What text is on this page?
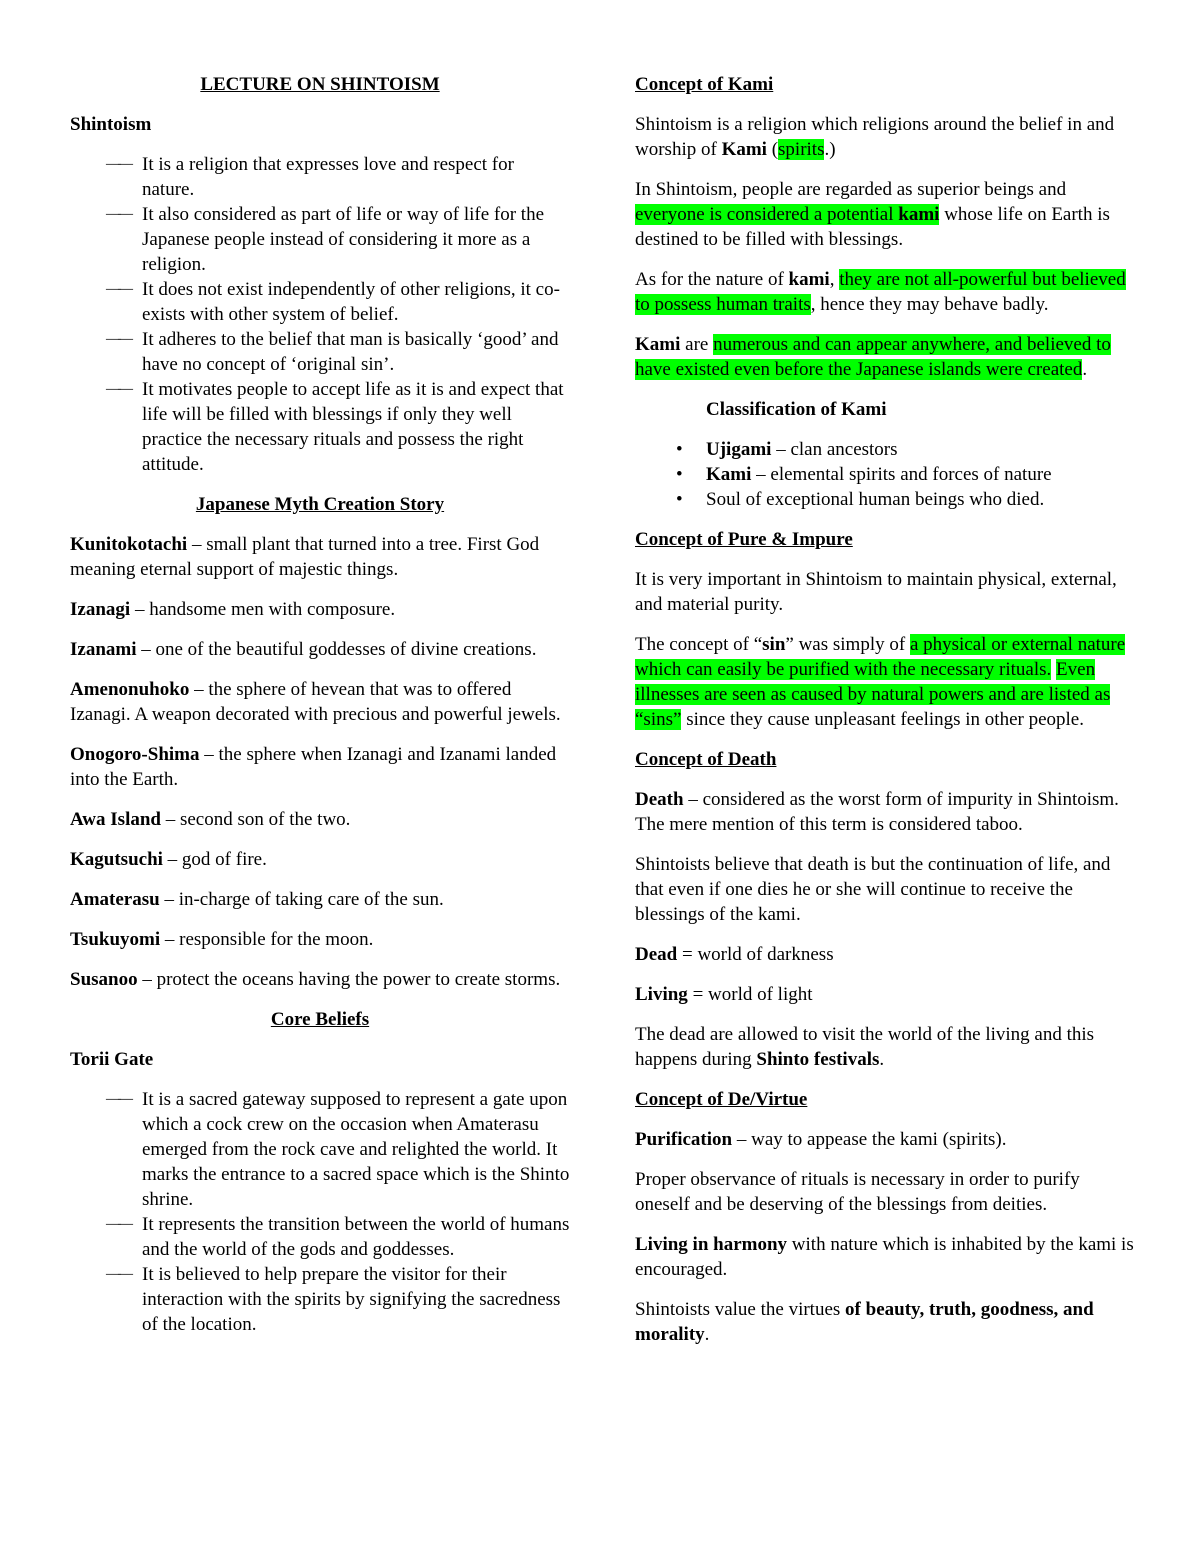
LECTURE ON SHINTOISM

Shintoism

—— It is a religion that expresses love and respect for nature.
—— It also considered as part of life or way of life for the Japanese people instead of considering it more as a religion.
—— It does not exist independently of other religions, it co-exists with other system of belief.
—— It adheres to the belief that man is basically ‘good’ and have no concept of ‘original sin’.
—— It motivates people to accept life as it is and expect that life will be filled with blessings if only they well practice the necessary rituals and possess the right attitude.

Japanese Myth Creation Story

Kunitokotachi – small plant that turned into a tree. First God meaning eternal support of majestic things.

Izanagi – handsome men with composure.

Izanami – one of the beautiful goddesses of divine creations.

Amenonuhoko – the sphere of hevean that was to offered Izanagi. A weapon decorated with precious and powerful jewels.

Onogoro-Shima – the sphere when Izanagi and Izanami landed into the Earth.

Awa Island – second son of the two.

Kagutsuchi – god of fire.

Amaterasu – in-charge of taking care of the sun.

Tsukuyomi – responsible for the moon.

Susanoo – protect the oceans having the power to create storms.

Core Beliefs

Torii Gate

—— It is a sacred gateway supposed to represent a gate upon which a cock crew on the occasion when Amaterasu emerged from the rock cave and relighted the world. It marks the entrance to a sacred space which is the Shinto shrine.
—— It represents the transition between the world of humans and the world of the gods and goddesses.
—— It is believed to help prepare the visitor for their interaction with the spirits by signifying the sacredness of the location.

Concept of Kami

Shintoism is a religion which religions around the belief in and worship of Kami (spirits.)

In Shintoism, people are regarded as superior beings and everyone is considered a potential kami whose life on Earth is destined to be filled with blessings.

As for the nature of kami, they are not all-powerful but believed to possess human traits, hence they may behave badly.

Kami are numerous and can appear anywhere, and believed to have existed even before the Japanese islands were created.

Classification of Kami

• Ujigami – clan ancestors
• Kami – elemental spirits and forces of nature
• Soul of exceptional human beings who died.

Concept of Pure & Impure

It is very important in Shintoism to maintain physical, external, and material purity.

The concept of “sin” was simply of a physical or external nature which can easily be purified with the necessary rituals. Even illnesses are seen as caused by natural powers and are listed as “sins” since they cause unpleasant feelings in other people.

Concept of Death

Death – considered as the worst form of impurity in Shintoism. The mere mention of this term is considered taboo.

Shintoists believe that death is but the continuation of life, and that even if one dies he or she will continue to receive the blessings of the kami.

Dead = world of darkness

Living = world of light

The dead are allowed to visit the world of the living and this happens during Shinto festivals.

Concept of De/Virtue

Purification – way to appease the kami (spirits).

Proper observance of rituals is necessary in order to purify oneself and be deserving of the blessings from deities.

Living in harmony with nature which is inhabited by the kami is encouraged.

Shintoists value the virtues of beauty, truth, goodness, and morality.
